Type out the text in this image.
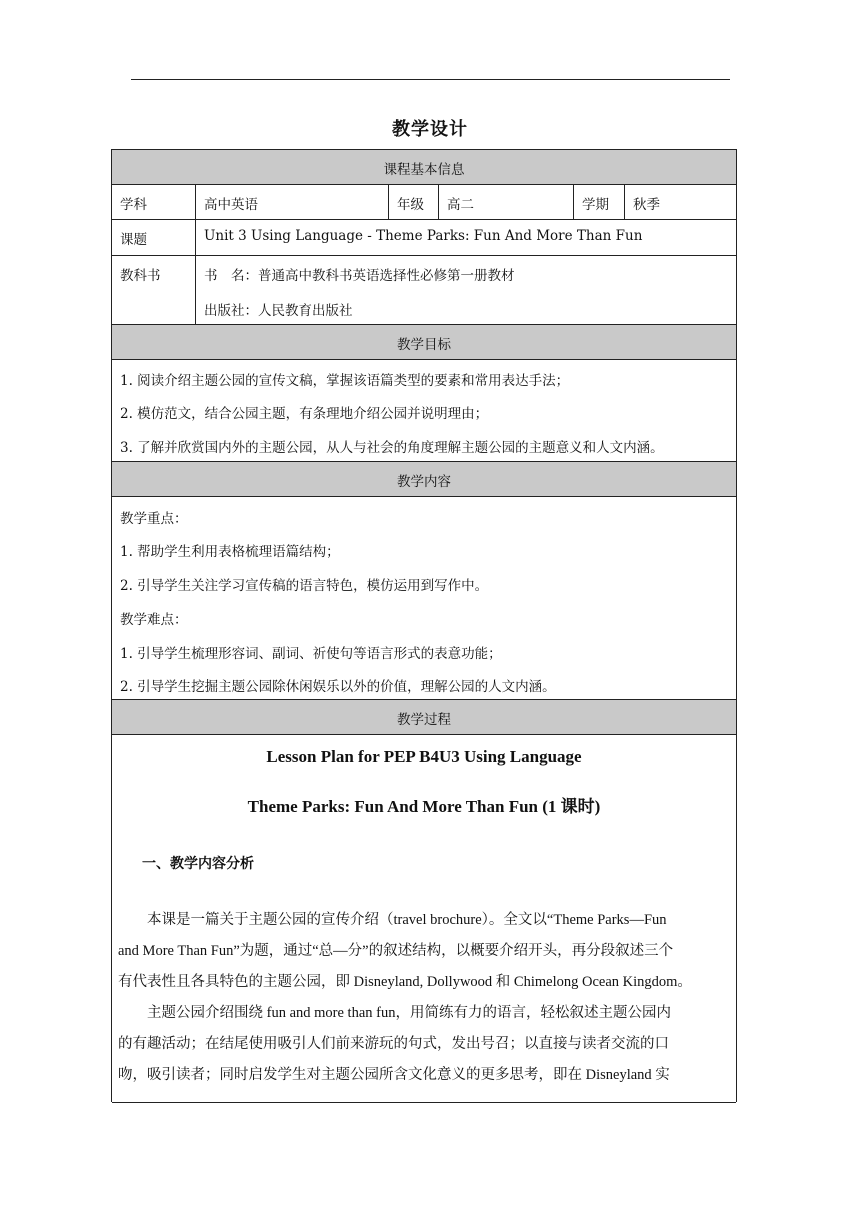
教学设计
课程基本信息
学科	高中英语	年级	高二	学期	秋季
课题	Unit 3 Using Language - Theme Parks: Fun And More Than Fun
教科书	书　名：普通高中教科书英语选择性必修第一册教材
出版社：人民教育出版社
教学目标
1. 阅读介绍主题公园的宣传文稿，掌握该语篇类型的要素和常用表达手法；
2. 模仿范文，结合公园主题，有条理地介绍公园并说明理由；
3. 了解并欣赏国内外的主题公园，从人与社会的角度理解主题公园的主题意义和人文内涵。
教学内容
教学重点：
1. 帮助学生利用表格梳理语篇结构；
2. 引导学生关注学习宣传稿的语言特色，模仿运用到写作中。
教学难点：
1. 引导学生梳理形容词、副词、祈使句等语言形式的表意功能；
2. 引导学生挖掘主题公园除休闲娱乐以外的价值，理解公园的人文内涵。
教学过程
Lesson Plan for PEP B4U3 Using Language
Theme Parks: Fun And More Than Fun (1 课时)
一、教学内容分析
　　本课是一篇关于主题公园的宣传介绍（travel brochure）。全文以“Theme Parks—Fun
and More Than Fun”为题，通过“总—分”的叙述结构，以概要介绍开头，再分段叙述三个
有代表性且各具特色的主题公园，即 Disneyland, Dollywood 和 Chimelong Ocean Kingdom。
　　主题公园介绍围绕 fun and more than fun，用简练有力的语言，轻松叙述主题公园内
的有趣活动；在结尾使用吸引人们前来游玩的句式，发出号召；以直接与读者交流的口
吻，吸引读者；同时启发学生对主题公园所含文化意义的更多思考，即在 Disneyland 实
